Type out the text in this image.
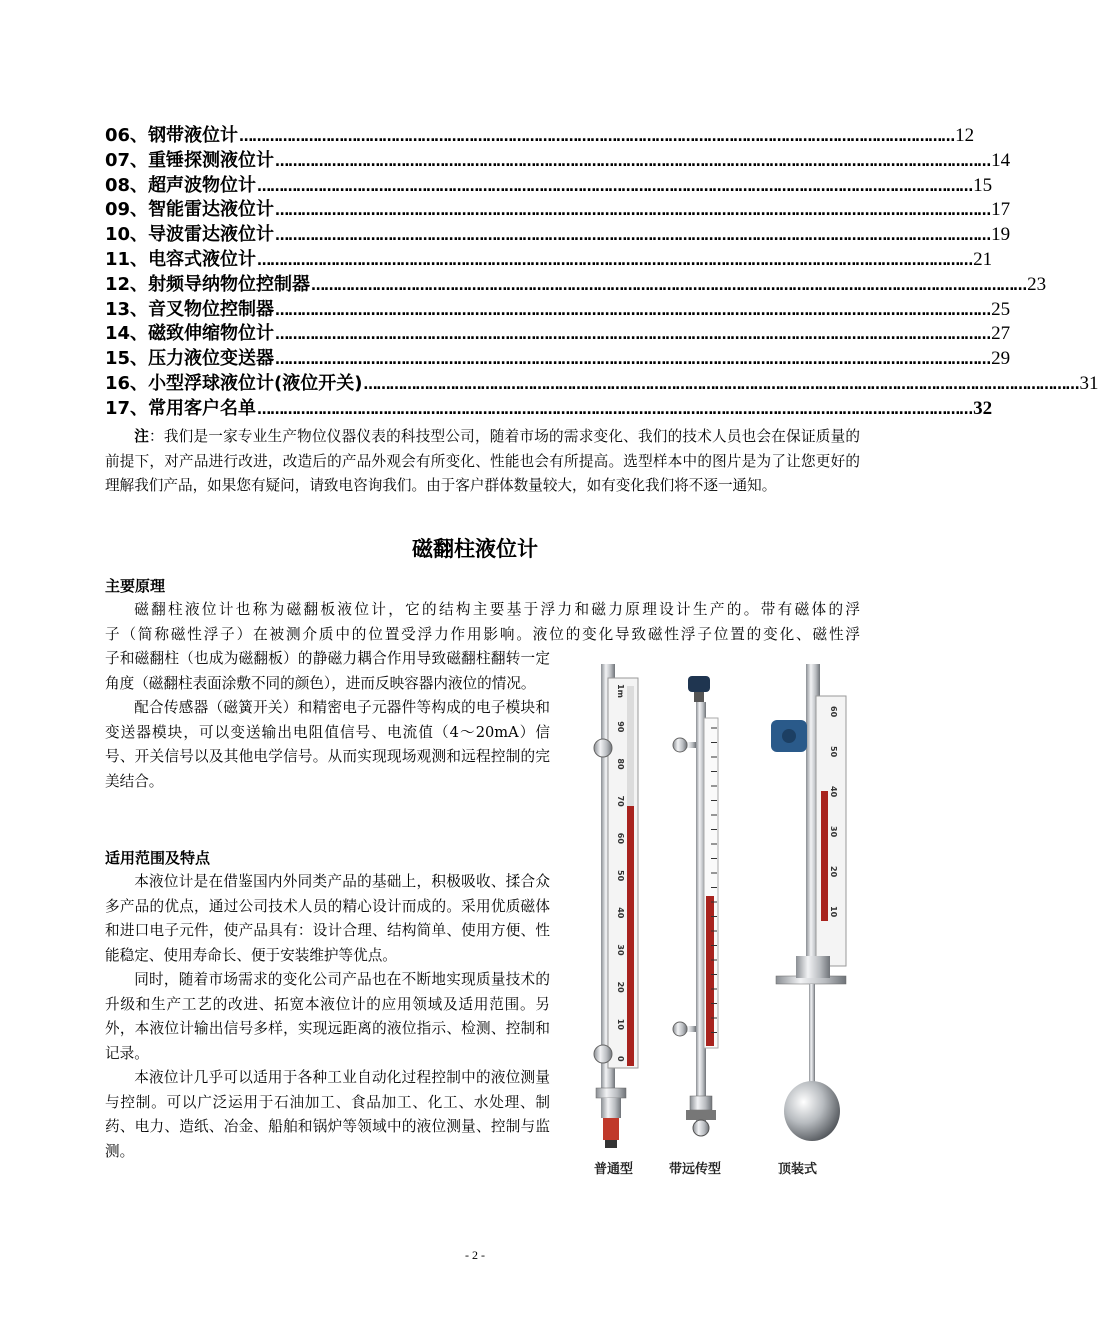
06、 钢带液位计 ………………………………………………………………………………………………………………………………………………… 12
07、 重锤探测液位计 ………………………………………………………………………………………………………………………………………………… 14
08、 超声波物位计 ………………………………………………………………………………………………………………………………………………… 15
09、 智能雷达液位计 ………………………………………………………………………………………………………………………………………………… 17
10、 导波雷达液位计 ………………………………………………………………………………………………………………………………………………… 19
11、 电容式液位计 ………………………………………………………………………………………………………………………………………………… 21
12、 射频导纳物位控制器 ………………………………………………………………………………………………………………………………………………… 23
13、 音叉物位控制器 ………………………………………………………………………………………………………………………………………………… 25
14、 磁致伸缩物位计 ………………………………………………………………………………………………………………………………………………… 27
15、 压力液位变送器 ………………………………………………………………………………………………………………………………………………… 29
16、 小型浮球液位计(液位开关) ………………………………………………………………………………………………………………………………………………… 31
17、 常用客户名单 ………………………………………………………………………………………………………………………………………………… 32

注：我们是一家专业生产物位仪器仪表的科技型公司，随着市场的需求变化、我们的技术人员也会在保证质量的前提下，对产品进行改进，改造后的产品外观会有所变化、性能也会有所提高。选型样本中的图片是为了让您更好的理解我们产品，如果您有疑问，请致电咨询我们。由于客户群体数量较大，如有变化我们将不逐一通知。

磁翻柱液位计
主要原理

磁翻柱液位计也称为磁翻板液位计，它的结构主要基于浮力和磁力原理设计生产的。带有磁体的浮

子（简称磁性浮子）在被测介质中的位置受浮力作用影响。液位的变化导致磁性浮子位置的变化、磁性浮

子和磁翻柱（也成为磁翻板）的静磁力耦合作用导致磁翻柱翻转一定角度（磁翻柱表面涂敷不同的颜色），进而反映容器内液位的情况。

配合传感器（磁簧开关）和精密电子元器件等构成的电子模块和变送器模块，可以变送输出电阻值信号、电流值（4～20mA）信号、开关信号以及其他电学信号。从而实现现场观测和远程控制的完美结合。

适用范围及特点

本液位计是在借鉴国内外同类产品的基础上，积极吸收、揉合众多产品的优点，通过公司技术人员的精心设计而成的。采用优质磁体和进口电子元件，使产品具有：设计合理、结构简单、使用方便、性能稳定、使用寿命长、便于安装维护等优点。

同时，随着市场需求的变化公司产品也在不断地实现质量技术的升级和生产工艺的改进、拓宽本液位计的应用领域及适用范围。另外，本液位计输出信号多样，实现远距离的液位指示、检测、控制和记录。

本液位计几乎可以适用于各种工业自动化过程控制中的液位测量与控制。可以广泛运用于石油加工、食品加工、化工、水处理、制药、电力、造纸、冶金、船舶和锅炉等领域中的液位测量、控制与监测。

1m
90
80
70
60
50
40
30
20
10
0
60
50
40
30
20
10
普通型	带远传型	顶装式
- 2 -
